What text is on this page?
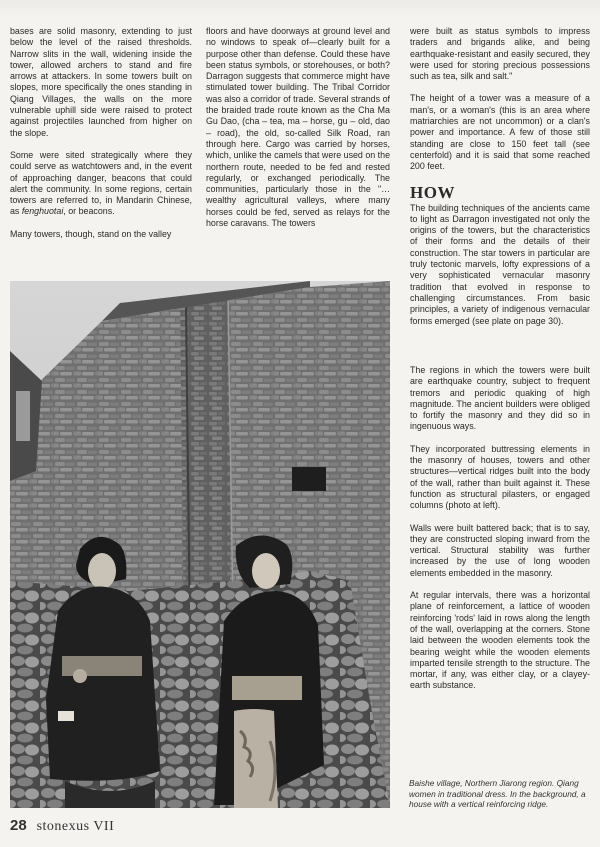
bases are solid masonry, extending to just below the level of the raised thresholds. Narrow slits in the wall, widening inside the tower, allowed archers to stand and fire arrows at attackers. In some towers built on slopes, more specifically the ones standing in Qiang Villages, the walls on the more vulnerable uphill side were raised to protect against projectiles launched from higher on the slope.

Some were sited strategically where they could serve as watchtowers and, in the event of approaching danger, beacons that could alert the community. In some regions, certain towers are referred to, in Mandarin Chinese, as fenghuotai, or beacons.

Many towers, though, stand on the valley

floors and have doorways at ground level and no windows to speak of—clearly built for a purpose other than defense. Could these have been status symbols, or storehouses, or both? Darragon suggests that commerce might have stimulated tower building. The Tribal Corridor was also a corridor of trade. Several strands of the braided trade route known as the Cha Ma Gu Dao, (cha – tea, ma – horse, gu – old, dao – road), the old, so-called Silk Road, ran through here. Cargo was carried by horses, which, unlike the camels that were used on the northern route, needed to be fed and rested regularly, or exchanged periodically. The communities, particularly those in the "…wealthy agricultural valleys, where many horses could be fed, served as relays for the horse caravans. The towers

were built as status symbols to impress traders and brigands alike, and being earthquake-resistant and easily secured, they were used for storing precious possessions such as tea, silk and salt."

The height of a tower was a measure of a man's, or a woman's (this is an area where matriarchies are not uncommon) or a clan's power and importance. A few of those still standing are close to 150 feet tall (see centerfold) and it is said that some reached 200 feet.

HOW

The building techniques of the ancients came to light as Darragon investigated not only the origins of the towers, but the characteristics of their forms and the details of their construction. The star towers in particular are truly tectonic marvels, lofty expressions of a very sophisticated vernacular masonry tradition that evolved in response to challenging circumstances. From basic principles, a variety of indigenous vernacular forms emerged (see plate on page 30).

The regions in which the towers were built are earthquake country, subject to frequent tremors and periodic quaking of high magnitude. The ancient builders were obliged to fortify the masonry and they did so in ingenuous ways.

They incorporated buttressing elements in the masonry of houses, towers and other structures—vertical ridges built into the body of the wall, rather than built against it. These function as structural pilasters, or engaged columns (photo at left).

Walls were built battered back; that is to say, they are constructed sloping inward from the vertical. Structural stability was further increased by the use of long wooden elements embedded in the masonry.

At regular intervals, there was a horizontal plane of reinforcement, a lattice of wooden reinforcing 'rods' laid in rows along the length of the wall, overlapping at the corners. Stone laid between the wooden elements took the bearing weight while the wooden elements imparted tensile strength to the structure. The mortar, if any, was either clay, or a clayey-earth substance.

Baishe village, Northern Jiarong region. Qiang women in traditional dress. In the background, a house with a vertical reinforcing ridge.
28 stonexus VII
